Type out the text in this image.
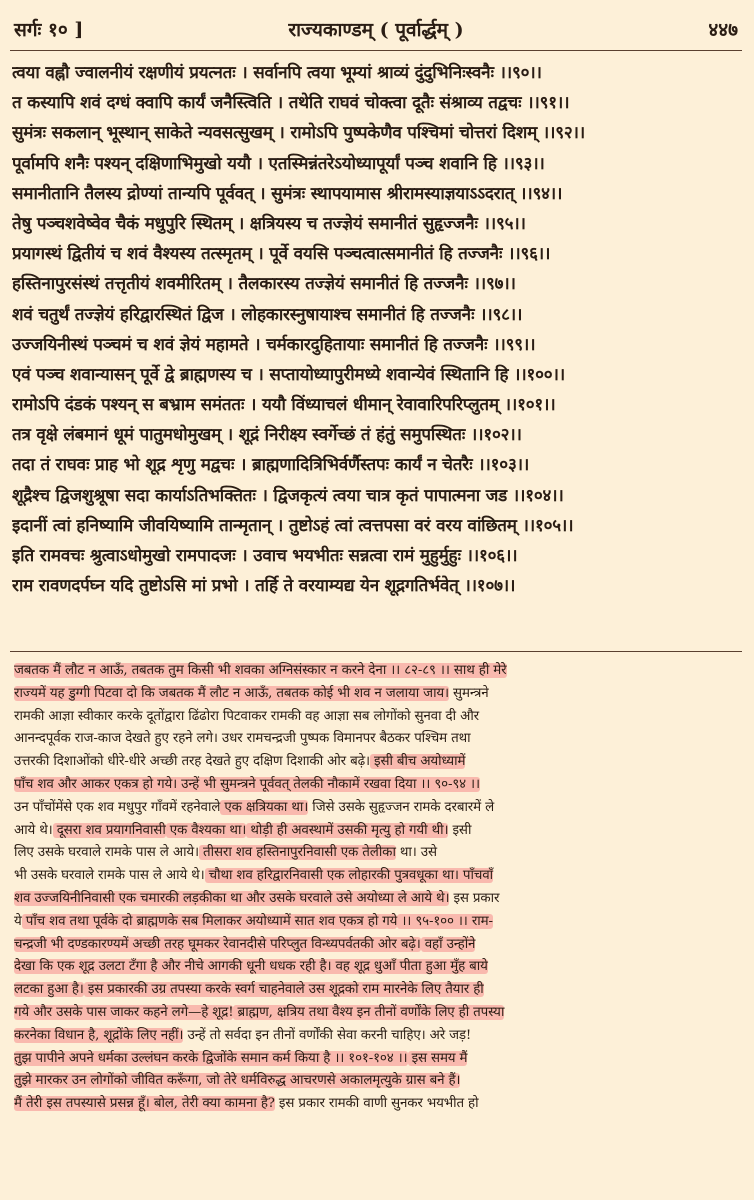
सर्गः १० ]	राज्यकाण्डम् ( पूर्वार्द्धम् )	४४७
त्वया वह्नौ ज्वालनीयं रक्षणीयं प्रयत्नतः । सर्वानपि त्वया भूम्यां श्राव्यं दुंदुभिनिःस्वनैः ।।९०।।
त कस्यापि शवं दग्धं क्वापि कार्यं जनैस्त्विति । तथेति राघवं चोक्त्वा दूतैः संश्राव्य तद्वचः ।।९१।।
सुमंत्रः सकलान् भूस्थान् साकेते न्यवसत्सुखम् । रामोऽपि पुष्पकेणैव पश्चिमां चोत्तरां दिशम् ।।९२।।
पूर्वामपि शनैः पश्यन् दक्षिणाभिमुखो ययौ । एतस्मिन्नंतरेऽयोध्यापूर्यां पञ्च शवानि हि ।।९३।।
समानीतानि तैलस्य द्रोण्यां तान्यपि पूर्ववत् । सुमंत्रः स्थापयामास श्रीरामस्याज्ञयाऽऽदरात् ।।९४।।
तेषु पञ्चशवेष्वेव चैकं मधुपुरि स्थितम् । क्षत्रियस्य च तज्ज्ञेयं समानीतं सुहृज्जनैः ।।९५।।
प्रयागस्थं द्वितीयं च शवं वैश्यस्य तत्स्मृतम् । पूर्वे वयसि पञ्चत्वात्समानीतं हि तज्जनैः ।।९६।।
हस्तिनापुरसंस्थं तत्तृतीयं शवमीरितम् । तैलकारस्य तज्ज्ञेयं समानीतं हि तज्जनैः ।।९७।।
शवं चतुर्थं तज्ज्ञेयं हरिद्वारस्थितं द्विज । लोहकारस्नुषायाश्च समानीतं हि तज्जनैः ।।९८।।
उज्जयिनीस्थं पञ्चमं च शवं ज्ञेयं महामते । चर्मकारदुहितायाः समानीतं हि तज्जनैः ।।९९।।
एवं पञ्च शवान्यासन् पूर्वे द्वे ब्राह्मणस्य च । सप्तायोध्यापुरीमध्ये शवान्येवं स्थितानि हि ।।१००।।
रामोऽपि दंडकं पश्यन् स बभ्राम समंततः । ययौ विंध्याचलं धीमान् रेवावारिपरिप्लुतम् ।।१०१।।
तत्र वृक्षे लंबमानं धूमं पातुमधोमुखम् । शूद्रं निरीक्ष्य स्वर्गेच्छं तं हंतुं समुपस्थितः ।।१०२।।
तदा तं राघवः प्राह भो शूद्र शृणु मद्वचः । ब्राह्मणादित्रिभिर्वर्णैस्तपः कार्यं न चेतरैः ।।१०३।।
शूद्रैश्च द्विजशुश्रूषा सदा कार्याऽतिभक्तितः । द्विजकृत्यं त्वया चात्र कृतं पापात्मना जड ।।१०४।।
इदानीं त्वां हनिष्यामि जीवयिष्यामि तान्मृतान् । तुष्टोऽहं त्वां त्वत्तपसा वरं वरय वांछितम् ।।१०५।।
इति रामवचः श्रुत्वाऽधोमुखो रामपादजः । उवाच भयभीतः सन्नत्वा रामं मुहुर्मुहुः ।।१०६।।
राम रावणदर्पघ्न यदि तुष्टोऽसि मां प्रभो । तर्हि ते वरयाम्यद्य येन शूद्रगतिर्भवेत् ।।१०७।।
जबतक मैं लौट न आऊँ, तबतक तुम किसी भी शवका अग्निसंस्कार न करने देना ।। ८२-८९ ।। साथ ही मेरे
राज्यमें यह डुग्गी पिटवा दो कि जबतक मैं लौट न आऊँ, तबतक कोई भी शव न जलाया जाय। सुमन्त्रने
रामकी आज्ञा स्वीकार करके दूतोंद्वारा ढिंढोरा पिटवाकर रामकी वह आज्ञा सब लोगोंको सुनवा दी और
आनन्दपूर्वक राज-काज देखते हुए रहने लगे। उधर रामचन्द्रजी पुष्पक विमानपर बैठकर पश्चिम तथा
उत्तरकी दिशाओंको धीरे-धीरे अच्छी तरह देखते हुए दक्षिण दिशाकी ओर बढ़े। इसी बीच अयोध्यामें
पाँच शव और आकर एकत्र हो गये। उन्हें भी सुमन्त्रने पूर्ववत् तेलकी नौकामें रखवा दिया ।। ९०-९४ ।।
उन पाँचोंमेंसे एक शव मधुपुर गाँवमें रहनेवाले एक क्षत्रियका था। जिसे उसके सुहृज्जन रामके दरबारमें ले
आये थे। दूसरा शव प्रयागनिवासी एक वैश्यका था। थोड़ी ही अवस्थामें उसकी मृत्यु हो गयी थी। इसी
लिए उसके घरवाले रामके पास ले आये। तीसरा शव हस्तिनापुरनिवासी एक तेलीका था। उसे
भी उसके घरवाले रामके पास ले आये थे। चौथा शव हरिद्वारनिवासी एक लोहारकी पुत्रवधूका था। पाँचवाँ
शव उज्जयिनीनिवासी एक चमारकी लड़कीका था और उसके घरवाले उसे अयोध्या ले आये थे। इस प्रकार
ये पाँच शव तथा पूर्वके दो ब्राह्मणके सब मिलाकर अयोध्यामें सात शव एकत्र हो गये ।। ९५-१०० ।। राम-
चन्द्रजी भी दण्डकारण्यमें अच्छी तरह घूमकर रेवानदीसे परिप्लुत विन्ध्यपर्वतकी ओर बढ़े। वहाँ उन्होंने
देखा कि एक शूद्र उलटा टँगा है और नीचे आगकी धूनी धधक रही है। वह शूद्र धुआँ पीता हुआ मुँह बाये
लटका हुआ है। इस प्रकारकी उग्र तपस्या करके स्वर्ग चाहनेवाले उस शूद्रको राम मारनेके लिए तैयार ही
गये और उसके पास जाकर कहने लगे—हे शूद्र! ब्राह्मण, क्षत्रिय तथा वैश्य इन तीनों वर्णोंके लिए ही तपस्या
करनेका विधान है, शूद्रोंके लिए नहीं। उन्हें तो सर्वदा इन तीनों वर्णोंकी सेवा करनी चाहिए। अरे जड़!
तुझ पापीने अपने धर्मका उल्लंघन करके द्विजोंके समान कर्म किया है ।। १०१-१०४ ।। इस समय मैं
तुझे मारकर उन लोगोंको जीवित करूँगा, जो तेरे धर्मविरुद्ध आचरणसे अकालमृत्युके ग्रास बने हैं।
मैं तेरी इस तपस्यासे प्रसन्न हूँ। बोल, तेरी क्या कामना है? इस प्रकार रामकी वाणी सुनकर भयभीत हो
